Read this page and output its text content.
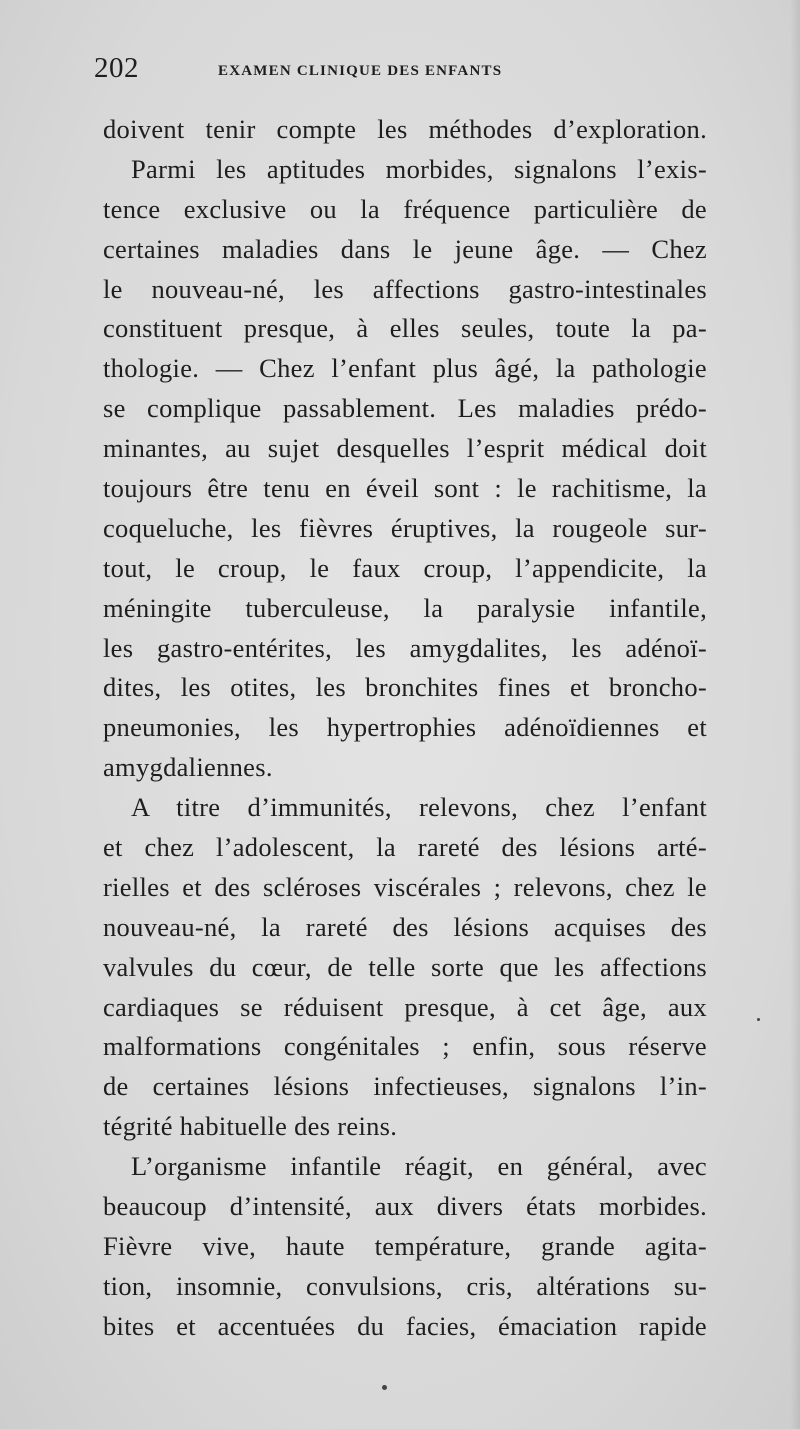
202	EXAMEN CLINIQUE DES ENFANTS
doivent tenir compte les méthodes d’exploration.
Parmi les aptitudes morbides, signalons l’exis-
tence exclusive ou la fréquence particulière de
certaines maladies dans le jeune âge. — Chez
le nouveau-né, les affections gastro-intestinales
constituent presque, à elles seules, toute la pa-
thologie. — Chez l’enfant plus âgé, la pathologie
se complique passablement. Les maladies prédo-
minantes, au sujet desquelles l’esprit médical doit
toujours être tenu en éveil sont : le rachitisme, la
coqueluche, les fièvres éruptives, la rougeole sur-
tout, le croup, le faux croup, l’appendicite, la
méningite tuberculeuse, la paralysie infantile,
les gastro-entérites, les amygdalites, les adénoï-
dites, les otites, les bronchites fines et broncho-
pneumonies, les hypertrophies adénoïdiennes et
amygdaliennes.
A titre d’immunités, relevons, chez l’enfant
et chez l’adolescent, la rareté des lésions arté-
rielles et des scléroses viscérales ; relevons, chez le
nouveau-né, la rareté des lésions acquises des
valvules du cœur, de telle sorte que les affections
cardiaques se réduisent presque, à cet âge, aux
malformations congénitales ; enfin, sous réserve
de certaines lésions infectieuses, signalons l’in-
tégrité habituelle des reins.
L’organisme infantile réagit, en général, avec
beaucoup d’intensité, aux divers états morbides.
Fièvre vive, haute température, grande agita-
tion, insomnie, convulsions, cris, altérations su-
bites et accentuées du facies, émaciation rapide
